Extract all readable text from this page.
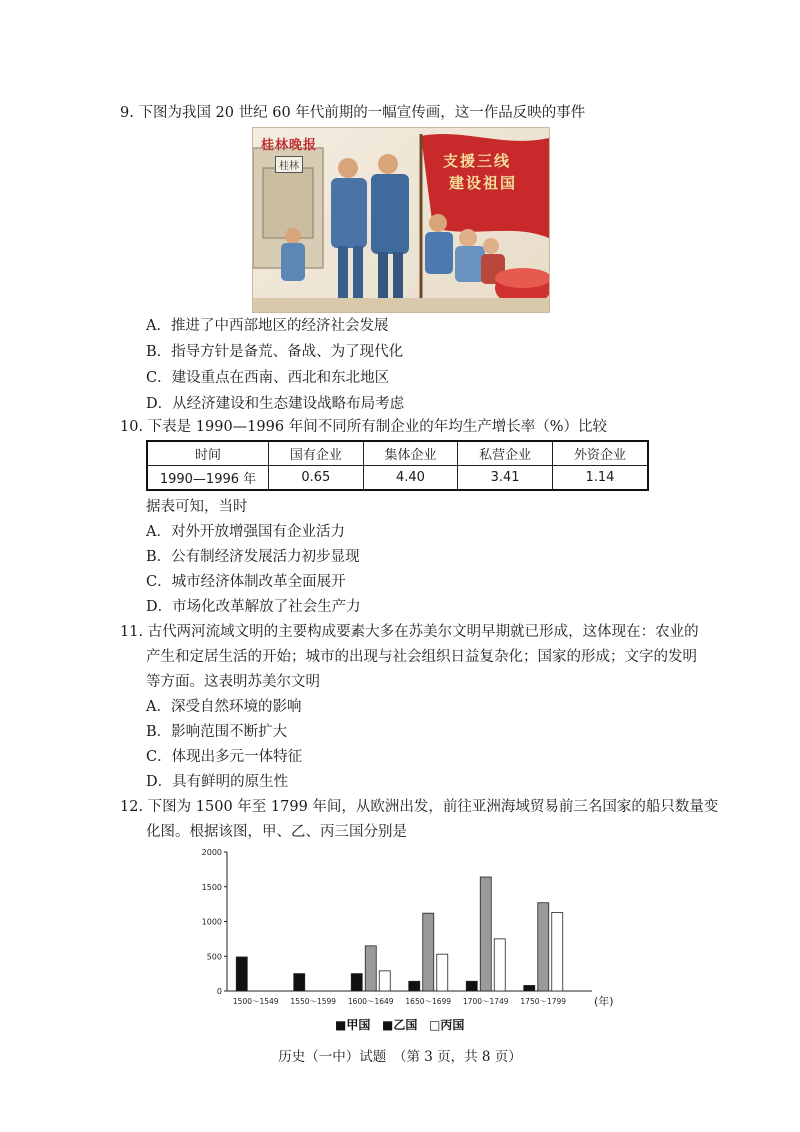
9. 下图为我国 20 世纪 60 年代前期的一幅宣传画，这一作品反映的事件
桂林晚报
桂林	支援三线
建设祖国
A．推进了中西部地区的经济社会发展
B．指导方针是备荒、备战、为了现代化
C．建设重点在西南、西北和东北地区
D．从经济建设和生态建设战略布局考虑
10. 下表是 1990—1996 年间不同所有制企业的年均生产增长率（%）比较
时间	国有企业	集体企业	私营企业	外资企业
1990—1996 年	0.65	4.40	3.41	1.14
据表可知，当时
A．对外开放增强国有企业活力
B．公有制经济发展活力初步显现
C．城市经济体制改革全面展开
D．市场化改革解放了社会生产力
11. 古代两河流域文明的主要构成要素大多在苏美尔文明早期就已形成，这体现在：农业的
产生和定居生活的开始；城市的出现与社会组织日益复杂化；国家的形成；文字的发明
等方面。这表明苏美尔文明
A．深受自然环境的影响
B．影响范围不断扩大
C．体现出多元一体特征
D．具有鲜明的原生性
12. 下图为 1500 年至 1799 年间，从欧洲出发，前往亚洲海域贸易前三名国家的船只数量变
化图。根据该图，甲、乙、丙三国分别是
0
500
1000
1500
2000
1500～1549 1550～1599 1600～1649 1650～1699 1700～1749 1750～1799	(年)
■甲国 ■乙国 □丙国
历史（一中）试题　（第 3 页，共 8 页）
